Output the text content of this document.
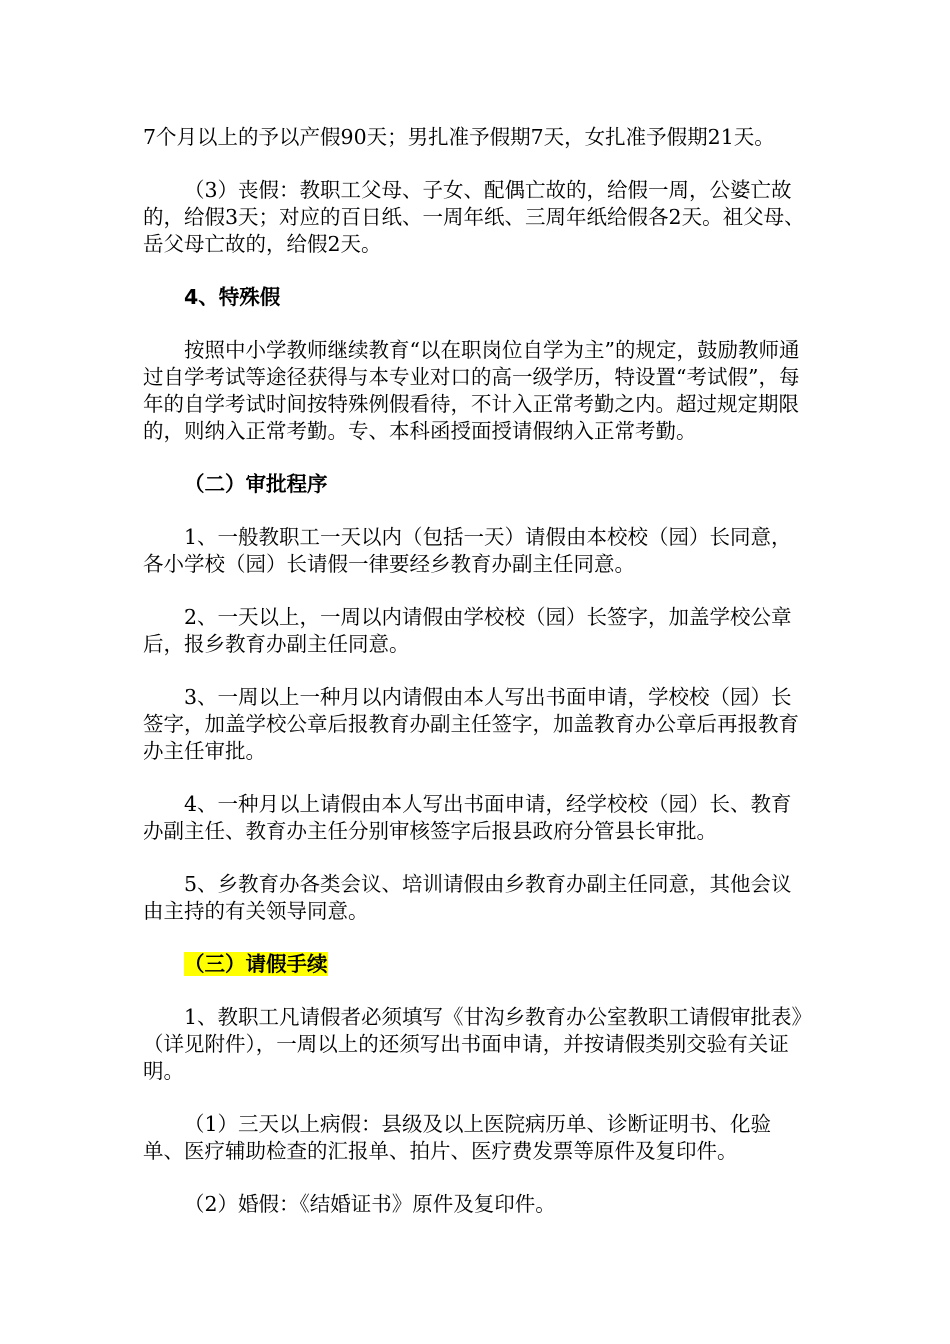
7个月以上的予以产假90天；男扎准予假期7天，女扎准予假期21天。

（3）丧假：教职工父母、子女、配偶亡故的，给假一周，公婆亡故的，给假3天；对应的百日纸、一周年纸、三周年纸给假各2天。祖父母、岳父母亡故的，给假2天。

4、特殊假

按照中小学教师继续教育“以在职岗位自学为主”的规定，鼓励教师通过自学考试等途径获得与本专业对口的高一级学历，特设置“考试假”，每年的自学考试时间按特殊例假看待，不计入正常考勤之内。超过规定期限的，则纳入正常考勤。专、本科函授面授请假纳入正常考勤。

（二）审批程序

1、一般教职工一天以内（包括一天）请假由本校校（园）长同意，各小学校（园）长请假一律要经乡教育办副主任同意。

2、一天以上，一周以内请假由学校校（园）长签字，加盖学校公章后，报乡教育办副主任同意。

3、一周以上一种月以内请假由本人写出书面申请，学校校（园）长签字，加盖学校公章后报教育办副主任签字，加盖教育办公章后再报教育办主任审批。

4、一种月以上请假由本人写出书面申请，经学校校（园）长、教育办副主任、教育办主任分别审核签字后报县政府分管县长审批。

5、乡教育办各类会议、培训请假由乡教育办副主任同意，其他会议由主持的有关领导同意。

（三）请假手续

1、教职工凡请假者必须填写《甘沟乡教育办公室教职工请假审批表》（详见附件），一周以上的还须写出书面申请，并按请假类别交验有关证明。

（1）三天以上病假：县级及以上医院病历单、诊断证明书、化验单、医疗辅助检查的汇报单、拍片、医疗费发票等原件及复印件。

（2）婚假：《结婚证书》原件及复印件。
